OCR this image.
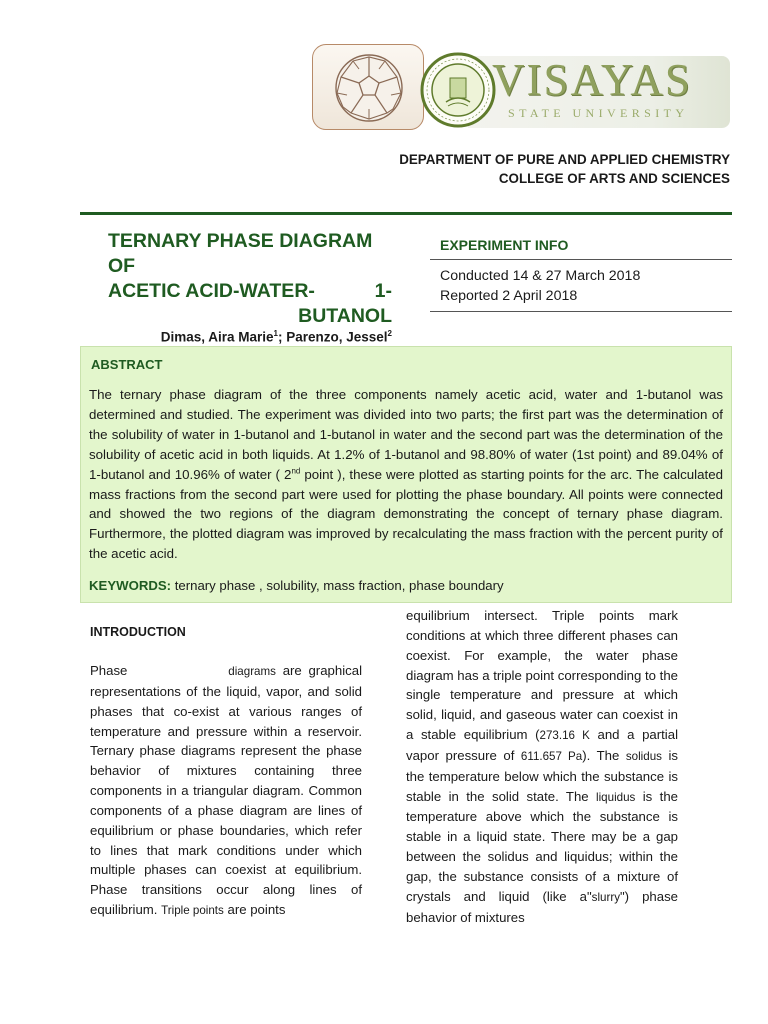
VISAYAS
STATE UNIVERSITY
DEPARTMENT OF PURE AND APPLIED CHEMISTRY
COLLEGE OF ARTS AND SCIENCES
TERNARY PHASE DIAGRAM OF
ACETIC ACID-WATER-	1-
BUTANOL
Dimas, Aira Marie$^1$; Parenzo, Jessel$^2$
EXPERIMENT INFO
Conducted 14 & 27 March 2018
Reported 2 April 2018
ABSTRACT
The ternary phase diagram of the three components namely acetic acid, water and 1-butanol was determined and studied. The experiment was divided into two parts; the first part was the determination of the solubility of water in 1-butanol and 1-butanol in water and the second part was the determination of the solubility of acetic acid in both liquids. At 1.2% of 1-butanol and 98.80% of water (1st point) and 89.04% of 1-butanol and 10.96% of water ( 2nd point ), these were plotted as starting points for the arc. The calculated mass fractions from the second part were used for plotting the phase boundary. All points were connected and showed the two regions of the diagram demonstrating the concept of ternary phase diagram. Furthermore, the plotted diagram was improved by recalculating the mass fraction with the percent purity of the acetic acid.
KEYWORDS: ternary phase , solubility, mass fraction, phase boundary
INTRODUCTION
Phase	diagrams are graphical representations of the liquid, vapor, and solid phases that co-exist at various ranges of temperature and pressure within a reservoir. Ternary phase diagrams represent the phase behavior of mixtures containing three components in a triangular diagram. Common components of a phase diagram are lines of equilibrium or phase boundaries, which refer to lines that mark conditions under which multiple phases can coexist at equilibrium. Phase transitions occur along lines of equilibrium. Triple points are points
equilibrium intersect. Triple points mark conditions at which three different phases can coexist. For example, the water phase diagram has a triple point corresponding to the single temperature and pressure at which solid, liquid, and gaseous water can coexist in a stable equilibrium (273.16 K and a partial vapor pressure of 611.657 Pa). The solidus is the temperature below which the substance is stable in the solid state. The liquidus is the temperature above which the substance is stable in a liquid state. There may be a gap between the solidus and liquidus; within the gap, the substance consists of a mixture of crystals and liquid (like a"slurry") phase behavior of mixtures
